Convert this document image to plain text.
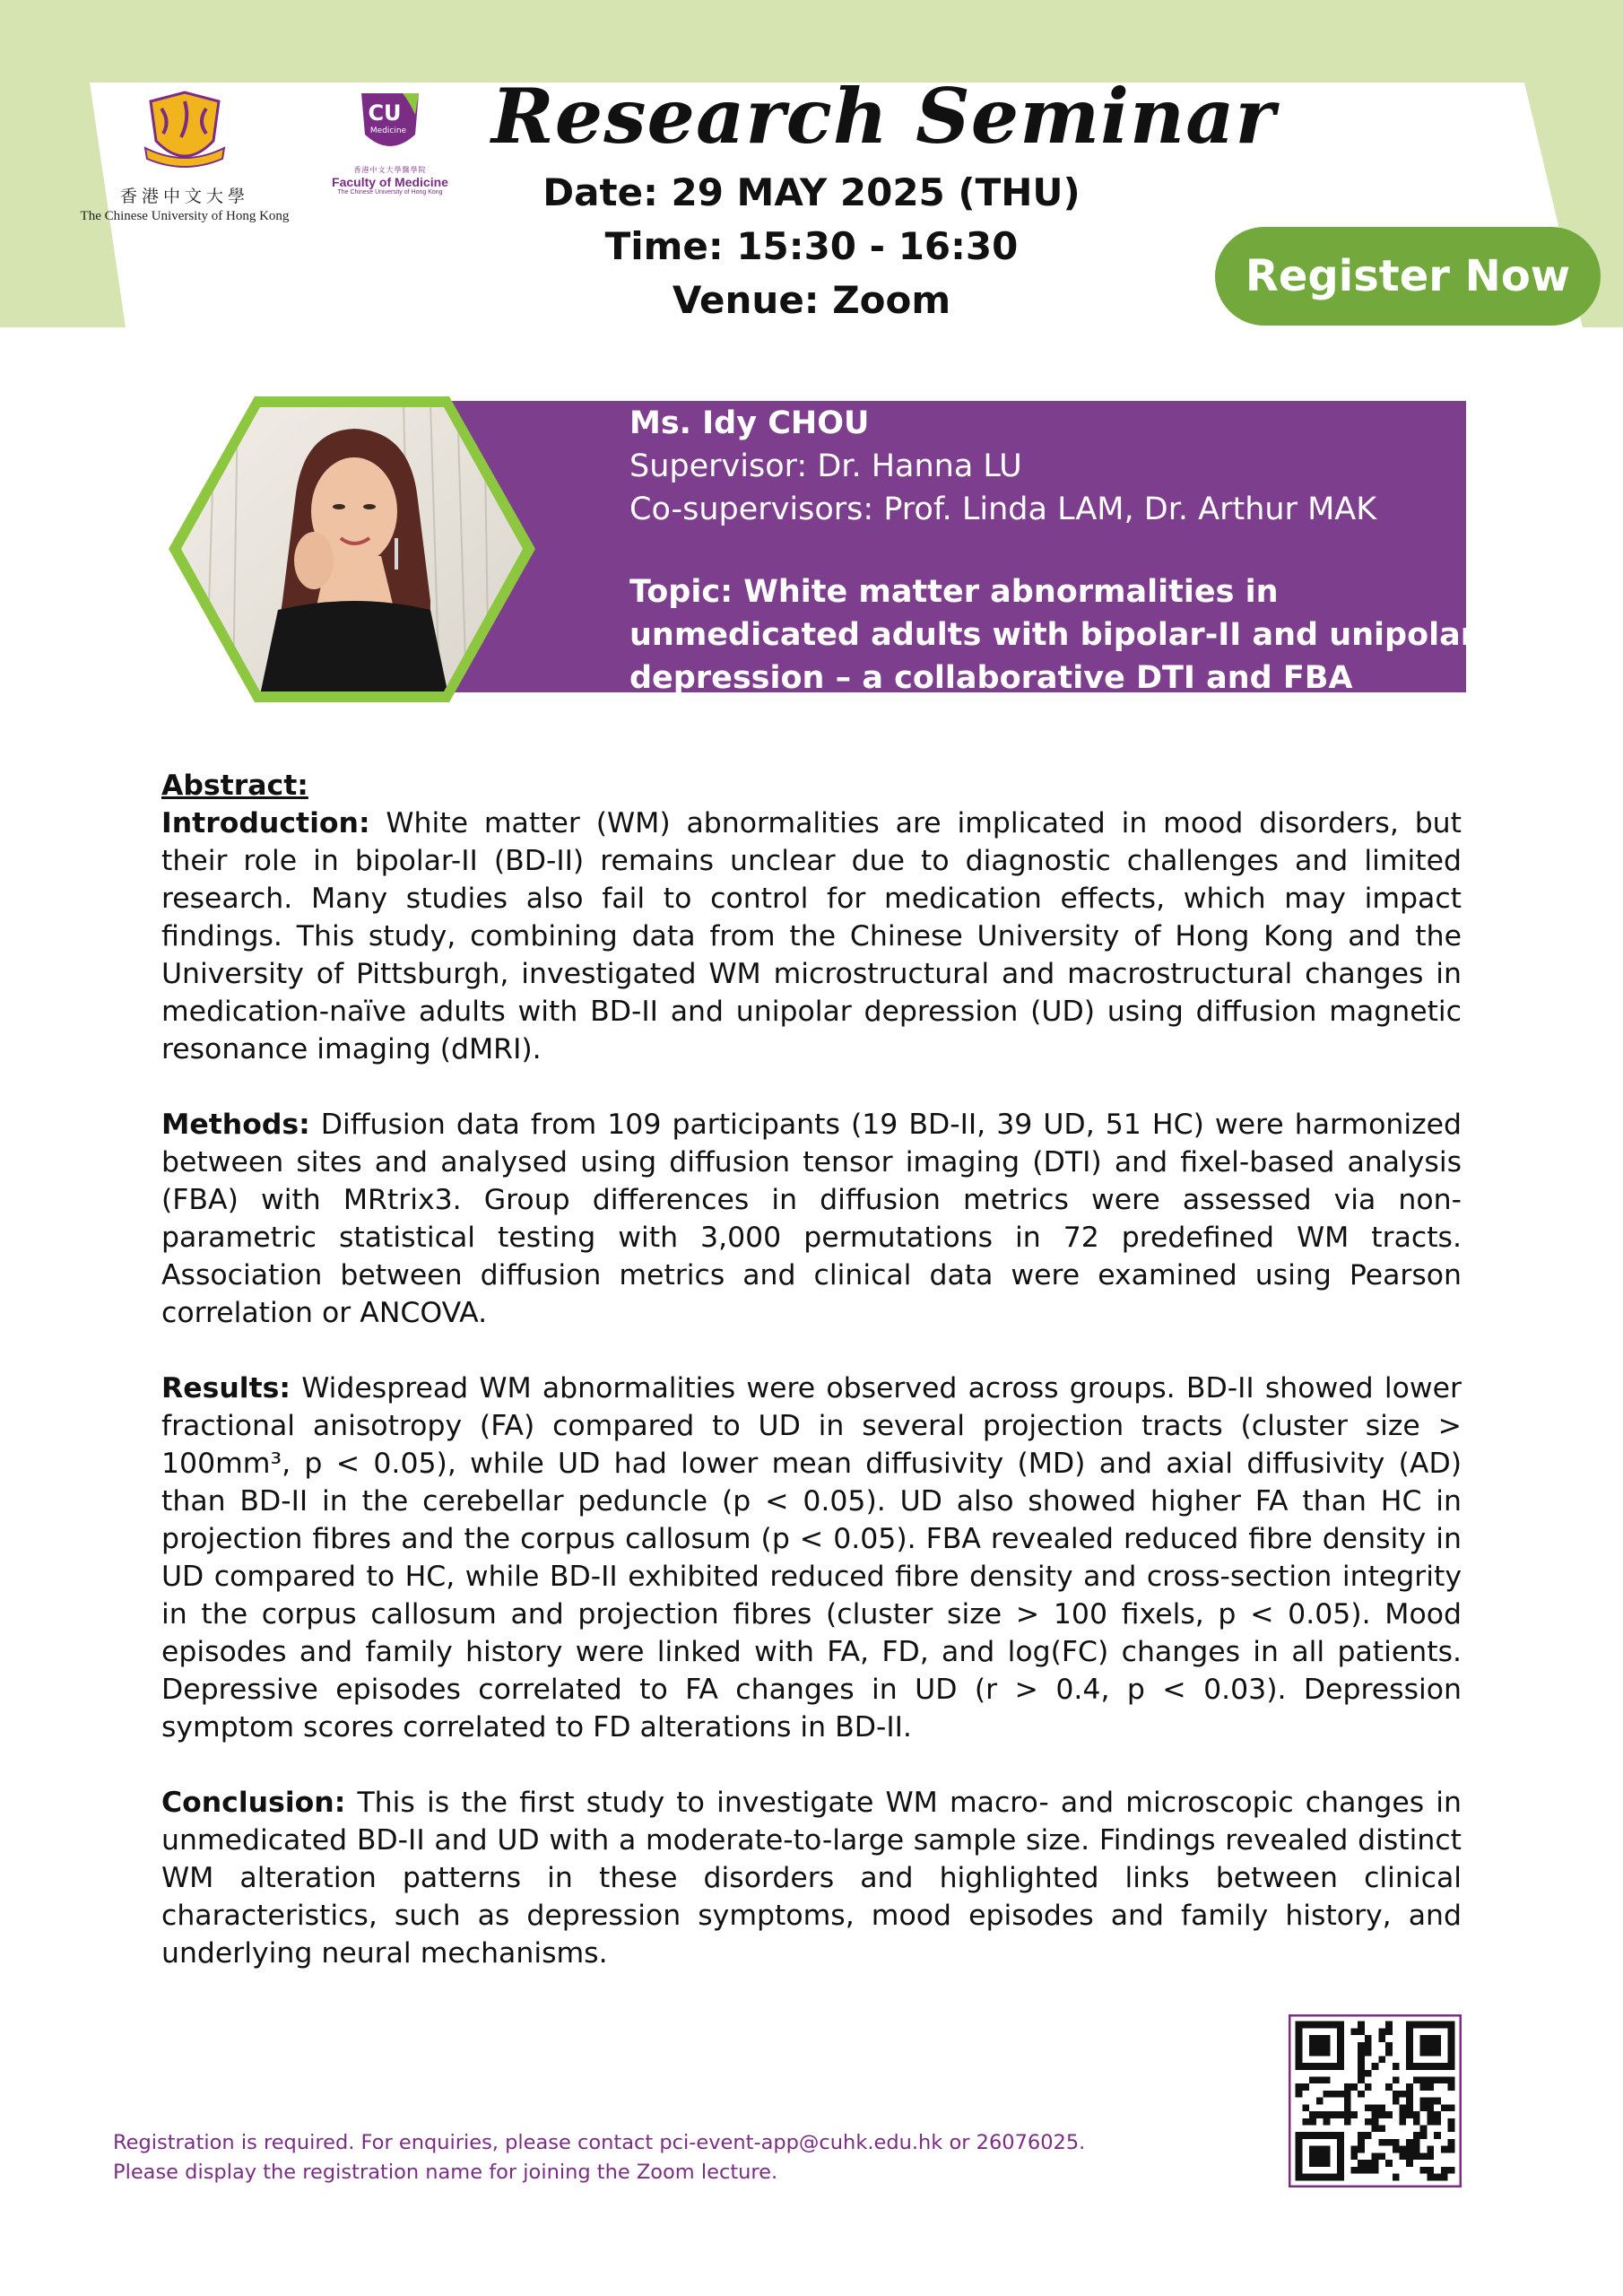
香港中文大學
The Chinese University of Hong Kong
CU
Medicine
香港中文大學醫學院
Faculty of Medicine
The Chinese University of Hong Kong
Research Seminar
Date: 29 MAY 2025 (THU)
Time: 15:30 - 16:30
Venue: Zoom	Register Now
Ms. Idy CHOU
Supervisor: Dr. Hanna LU
Co-supervisors: Prof. Linda LAM, Dr. Arthur MAK
Topic: White matter abnormalities in unmedicated adults with bipolar-II and unipolar depression – a collaborative DTI and FBA analysis

Abstract:

Introduction: White matter (WM) abnormalities are implicated in mood disorders, but their role in bipolar-II (BD-II) remains unclear due to diagnostic challenges and limited research. Many studies also fail to control for medication effects, which may impact findings. This study, combining data from the Chinese University of Hong Kong and the University of Pittsburgh, investigated WM microstructural and macrostructural changes in medication-naïve adults with BD-II and unipolar depression (UD) using diffusion magnetic resonance imaging (dMRI).

Methods: Diffusion data from 109 participants (19 BD-II, 39 UD, 51 HC) were harmonized between sites and analysed using diffusion tensor imaging (DTI) and fixel-based analysis (FBA) with MRtrix3. Group differences in diffusion metrics were assessed via non-parametric statistical testing with 3,000 permutations in 72 predefined WM tracts. Association between diffusion metrics and clinical data were examined using Pearson correlation or ANCOVA.

Results: Widespread WM abnormalities were observed across groups. BD-II showed lower fractional anisotropy (FA) compared to UD in several projection tracts (cluster size > 100mm³, p < 0.05), while UD had lower mean diffusivity (MD) and axial diffusivity (AD) than BD-II in the cerebellar peduncle (p < 0.05). UD also showed higher FA than HC in projection fibres and the corpus callosum (p < 0.05). FBA revealed reduced fibre density in UD compared to HC, while BD-II exhibited reduced fibre density and cross-section integrity in the corpus callosum and projection fibres (cluster size > 100 fixels, p < 0.05). Mood episodes and family history were linked with FA, FD, and log(FC) changes in all patients. Depressive episodes correlated to FA changes in UD (r > 0.4, p < 0.03). Depression symptom scores correlated to FD alterations in BD-II.

Conclusion: This is the first study to investigate WM macro- and microscopic changes in unmedicated BD-II and UD with a moderate-to-large sample size. Findings revealed distinct WM alteration patterns in these disorders and highlighted links between clinical characteristics, such as depression symptoms, mood episodes and family history, and underlying neural mechanisms.

Registration is required. For enquiries, please contact pci-event-app@cuhk.edu.hk or 26076025.
Please display the registration name for joining the Zoom lecture.
